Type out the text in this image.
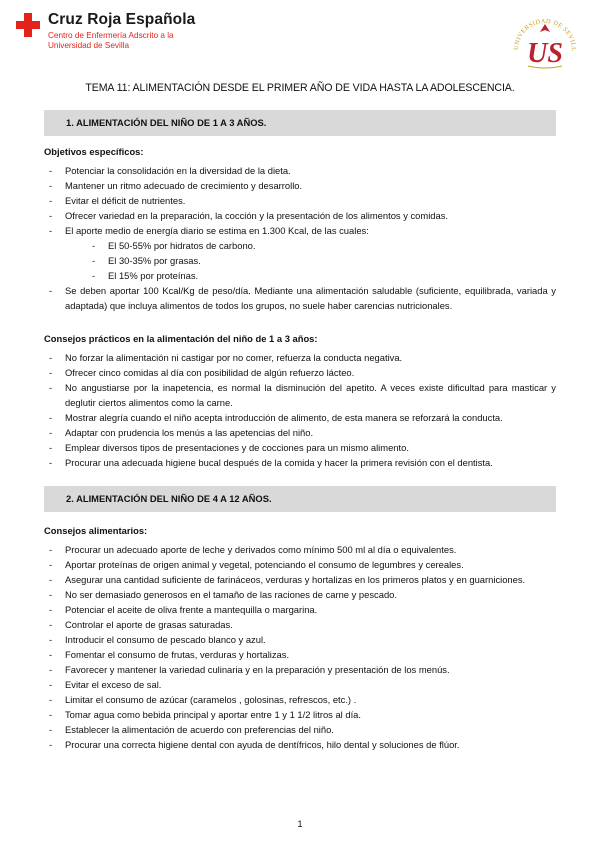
Cruz Roja Española
Centro de Enfermería Adscrito a la
Universidad de Sevilla	UNIVERSIDAD DE SEVILL
US
TEMA 11: ALIMENTACIÓN DESDE EL PRIMER AÑO DE VIDA HASTA LA ADOLESCENCIA.
1. ALIMENTACIÓN DEL NIÑO DE 1 A 3 AÑOS.
Objetivos específicos:
- Potenciar la consolidación en la diversidad de la dieta.
- Mantener un ritmo adecuado de crecimiento y desarrollo.
- Evitar el déficit de nutrientes.
- Ofrecer variedad en la preparación, la cocción y la presentación de los alimentos y comidas.
- El aporte medio de energía diario se estima en 1.300 Kcal, de las cuales:
- El 50-55% por hidratos de carbono.
- El 30-35% por grasas.
- El 15% por proteínas.
- Se deben aportar 100 Kcal/Kg de peso/día. Mediante una alimentación saludable (suficiente, equilibrada, variada y adaptada) que incluya alimentos de todos los grupos, no suele haber carencias nutricionales.
Consejos prácticos en la alimentación del niño de 1 a 3 años:
- No forzar la alimentación ni castigar por no comer, refuerza la conducta negativa.
- Ofrecer cinco comidas al día con posibilidad de algún refuerzo lácteo.
- No angustiarse por la inapetencia, es normal la disminución del apetito. A veces existe dificultad para masticar y deglutir ciertos alimentos como la carne.
- Mostrar alegría cuando el niño acepta introducción de alimento, de esta manera se reforzará la conducta.
- Adaptar con prudencia los menús a las apetencias del niño.
- Emplear diversos tipos de presentaciones y de cocciones para un mismo alimento.
- Procurar una adecuada higiene bucal después de la comida y hacer la primera revisión con el dentista.
2. ALIMENTACIÓN DEL NIÑO DE 4 A 12 AÑOS.
Consejos alimentarios:
- Procurar un adecuado aporte de leche y derivados como mínimo 500 ml al día o equivalentes.
- Aportar proteínas de origen animal y vegetal, potenciando el consumo de legumbres y cereales.
- Asegurar una cantidad suficiente de farináceos, verduras y hortalizas en los primeros platos y en guarniciones.
- No ser demasiado generosos en el tamaño de las raciones de carne y pescado.
- Potenciar el aceite de oliva frente a mantequilla o margarina.
- Controlar el aporte de grasas saturadas.
- Introducir el consumo de pescado blanco y azul.
- Fomentar el consumo de frutas, verduras y hortalizas.
- Favorecer y mantener la variedad culinaria y en la preparación y presentación de los menús.
- Evitar el exceso de sal.
- Limitar el consumo de azúcar (caramelos , golosinas, refrescos, etc.) .
- Tomar agua como bebida principal y aportar entre 1 y 1 1/2 litros al día.
- Establecer la alimentación de acuerdo con preferencias del niño.
- Procurar una correcta higiene dental con ayuda de dentífricos, hilo dental y soluciones de flúor.
1
